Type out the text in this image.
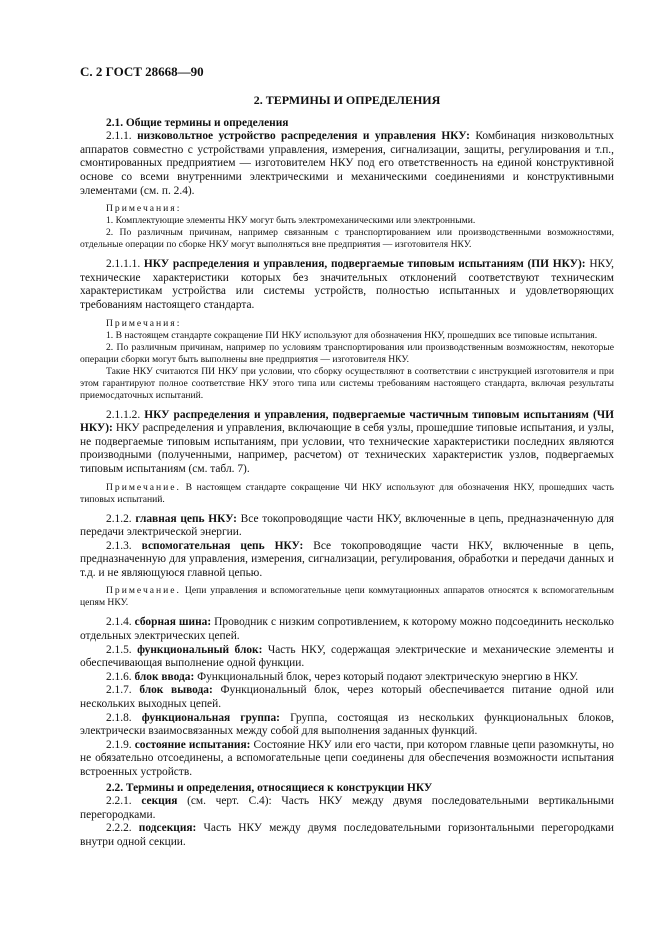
С. 2 ГОСТ 28668—90
2. ТЕРМИНЫ И ОПРЕДЕЛЕНИЯ

2.1. Общие термины и определения

2.1.1. низковольтное устройство распределения и управления НКУ: Комбинация низковольтных аппаратов совместно с устройствами управления, измерения, сигнализации, защиты, регулирования и т.п., смонтированных предприятием — изготовителем НКУ под его ответственность на единой конструктивной основе со всеми внутренними электрическими и механическими соединениями и конструктивными элементами (см. п. 2.4).

Примечания:

1. Комплектующие элементы НКУ могут быть электромеханическими или электронными.

2. По различным причинам, например связанным с транспортированием или производственными возможностями, отдельные операции по сборке НКУ могут выполняться вне предприятия — изготовителя НКУ.

2.1.1.1. НКУ распределения и управления, подвергаемые типовым испытаниям (ПИ НКУ): НКУ, технические характеристики которых без значительных отклонений соответствуют техническим характеристикам устройства или системы устройств, полностью испытанных и удовлетворяющих требованиям настоящего стандарта.

Примечания:

1. В настоящем стандарте сокращение ПИ НКУ используют для обозначения НКУ, прошедших все типовые испытания.

2. По различным причинам, например по условиям транспортирования или производственным возможностям, некоторые операции сборки могут быть выполнены вне предприятия — изготовителя НКУ.

Такие НКУ считаются ПИ НКУ при условии, что сборку осуществляют в соответствии с инструкцией изготовителя и при этом гарантируют полное соответствие НКУ этого типа или системы требованиям настоящего стандарта, включая результаты приемосдаточных испытаний.

2.1.1.2. НКУ распределения и управления, подвергаемые частичным типовым испытаниям (ЧИ НКУ): НКУ распределения и управления, включающие в себя узлы, прошедшие типовые испытания, и узлы, не подвергаемые типовым испытаниям, при условии, что технические характеристики последних являются производными (полученными, например, расчетом) от технических характеристик узлов, подвергаемых типовым испытаниям (см. табл. 7).

Примечание. В настоящем стандарте сокращение ЧИ НКУ используют для обозначения НКУ, прошедших часть типовых испытаний.

2.1.2. главная цепь НКУ: Все токопроводящие части НКУ, включенные в цепь, предназначенную для передачи электрической энергии.

2.1.3. вспомогательная цепь НКУ: Все токопроводящие части НКУ, включенные в цепь, предназначенную для управления, измерения, сигнализации, регулирования, обработки и передачи данных и т.д. и не являющуюся главной цепью.

Примечание. Цепи управления и вспомогательные цепи коммутационных аппаратов относятся к вспомогательным цепям НКУ.

2.1.4. сборная шина: Проводник с низким сопротивлением, к которому можно подсоединить несколько отдельных электрических цепей.

2.1.5. функциональный блок: Часть НКУ, содержащая электрические и механические элементы и обеспечивающая выполнение одной функции.

2.1.6. блок ввода: Функциональный блок, через который подают электрическую энергию в НКУ.

2.1.7. блок вывода: Функциональный блок, через который обеспечивается питание одной или нескольких выходных цепей.

2.1.8. функциональная группа: Группа, состоящая из нескольких функциональных блоков, электрически взаимосвязанных между собой для выполнения заданных функций.

2.1.9. состояние испытания: Состояние НКУ или его части, при котором главные цепи разомкнуты, но не обязательно отсоединены, а вспомогательные цепи соединены для обеспечения возможности испытания встроенных устройств.

2.2. Термины и определения, относящиеся к конструкции НКУ

2.2.1. секция (см. черт. С.4): Часть НКУ между двумя последовательными вертикальными перегородками.

2.2.2. подсекция: Часть НКУ между двумя последовательными горизонтальными перегородками внутри одной секции.
